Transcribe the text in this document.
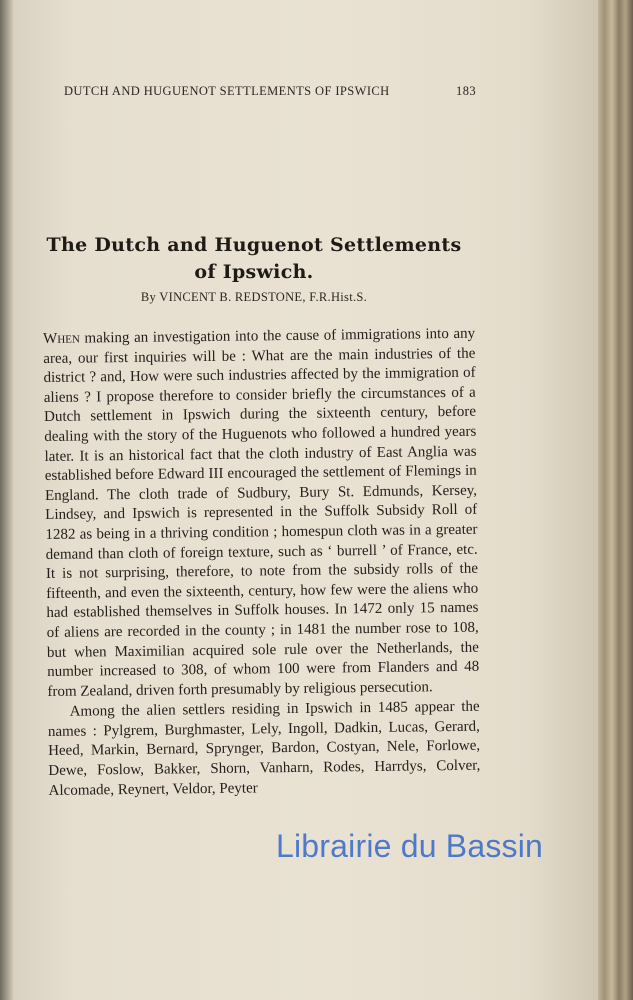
DUTCH AND HUGUENOT SETTLEMENTS OF IPSWICH	183
The Dutch and Huguenot Settlements
of Ipswich.
By VINCENT B. REDSTONE, F.R.Hist.S.

When making an investigation into the cause of immigrations into any area, our first inquiries will be : What are the main industries of the district ? and, How were such industries affected by the immigration of aliens ? I propose therefore to consider briefly the circumstances of a Dutch settlement in Ipswich during the sixteenth century, before dealing with the story of the Huguenots who followed a hundred years later. It is an historical fact that the cloth industry of East Anglia was established before Edward III encouraged the settlement of Flemings in England. The cloth trade of Sudbury, Bury St. Edmunds, Kersey, Lindsey, and Ipswich is represented in the Suffolk Subsidy Roll of 1282 as being in a thriving condition ; homespun cloth was in a greater demand than cloth of foreign texture, such as ‘ burrell ’ of France, etc. It is not surprising, therefore, to note from the subsidy rolls of the fifteenth, and even the sixteenth, century, how few were the aliens who had established themselves in Suffolk houses. In 1472 only 15 names of aliens are recorded in the county ; in 1481 the number rose to 108, but when Maximilian acquired sole rule over the Netherlands, the number increased to 308, of whom 100 were from Flanders and 48 from Zealand, driven forth presumably by religious persecution.

Among the alien settlers residing in Ipswich in 1485 appear the names : Pylgrem, Burghmaster, Lely, Ingoll, Dadkin, Lucas, Gerard, Heed, Markin, Bernard, Sprynger, Bardon, Costyan, Nele, Forlowe, Dewe, Foslow, Bakker, Shorn, Vanharn, Rodes, Harrdys, Colver, Alcomade, Reynert, Veldor, Peyter

Librairie du Bassin
